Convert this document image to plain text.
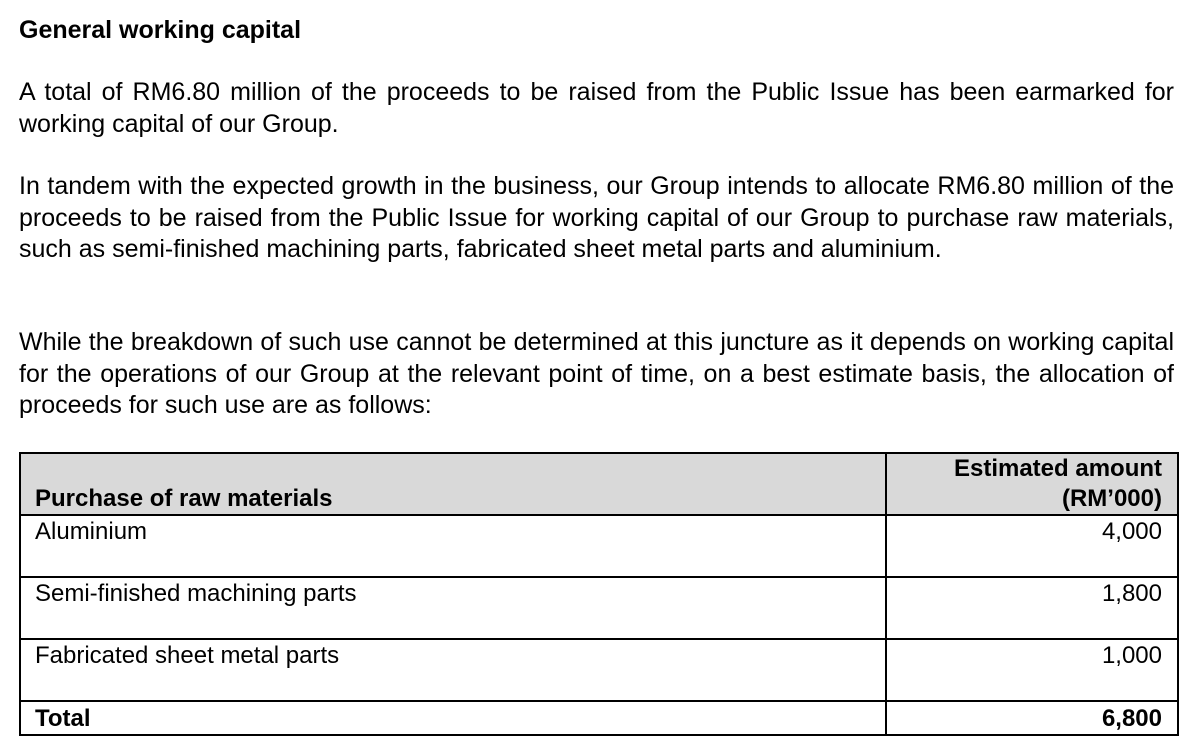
General working capital

A total of RM6.80 million of the proceeds to be raised from the Public Issue has been earmarked for working capital of our Group.

In tandem with the expected growth in the business, our Group intends to allocate RM6.80 million of the proceeds to be raised from the Public Issue for working capital of our Group to purchase raw materials, such as semi-finished machining parts, fabricated sheet metal parts and aluminium.

While the breakdown of such use cannot be determined at this juncture as it depends on working capital for the operations of our Group at the relevant point of time, on a best estimate basis, the allocation of proceeds for such use are as follows:

Purchase of raw materials	Estimated amount
(RM’000)

Aluminium	4,000
Semi-finished machining parts	1,800
Fabricated sheet metal parts	1,000
Total	6,800
